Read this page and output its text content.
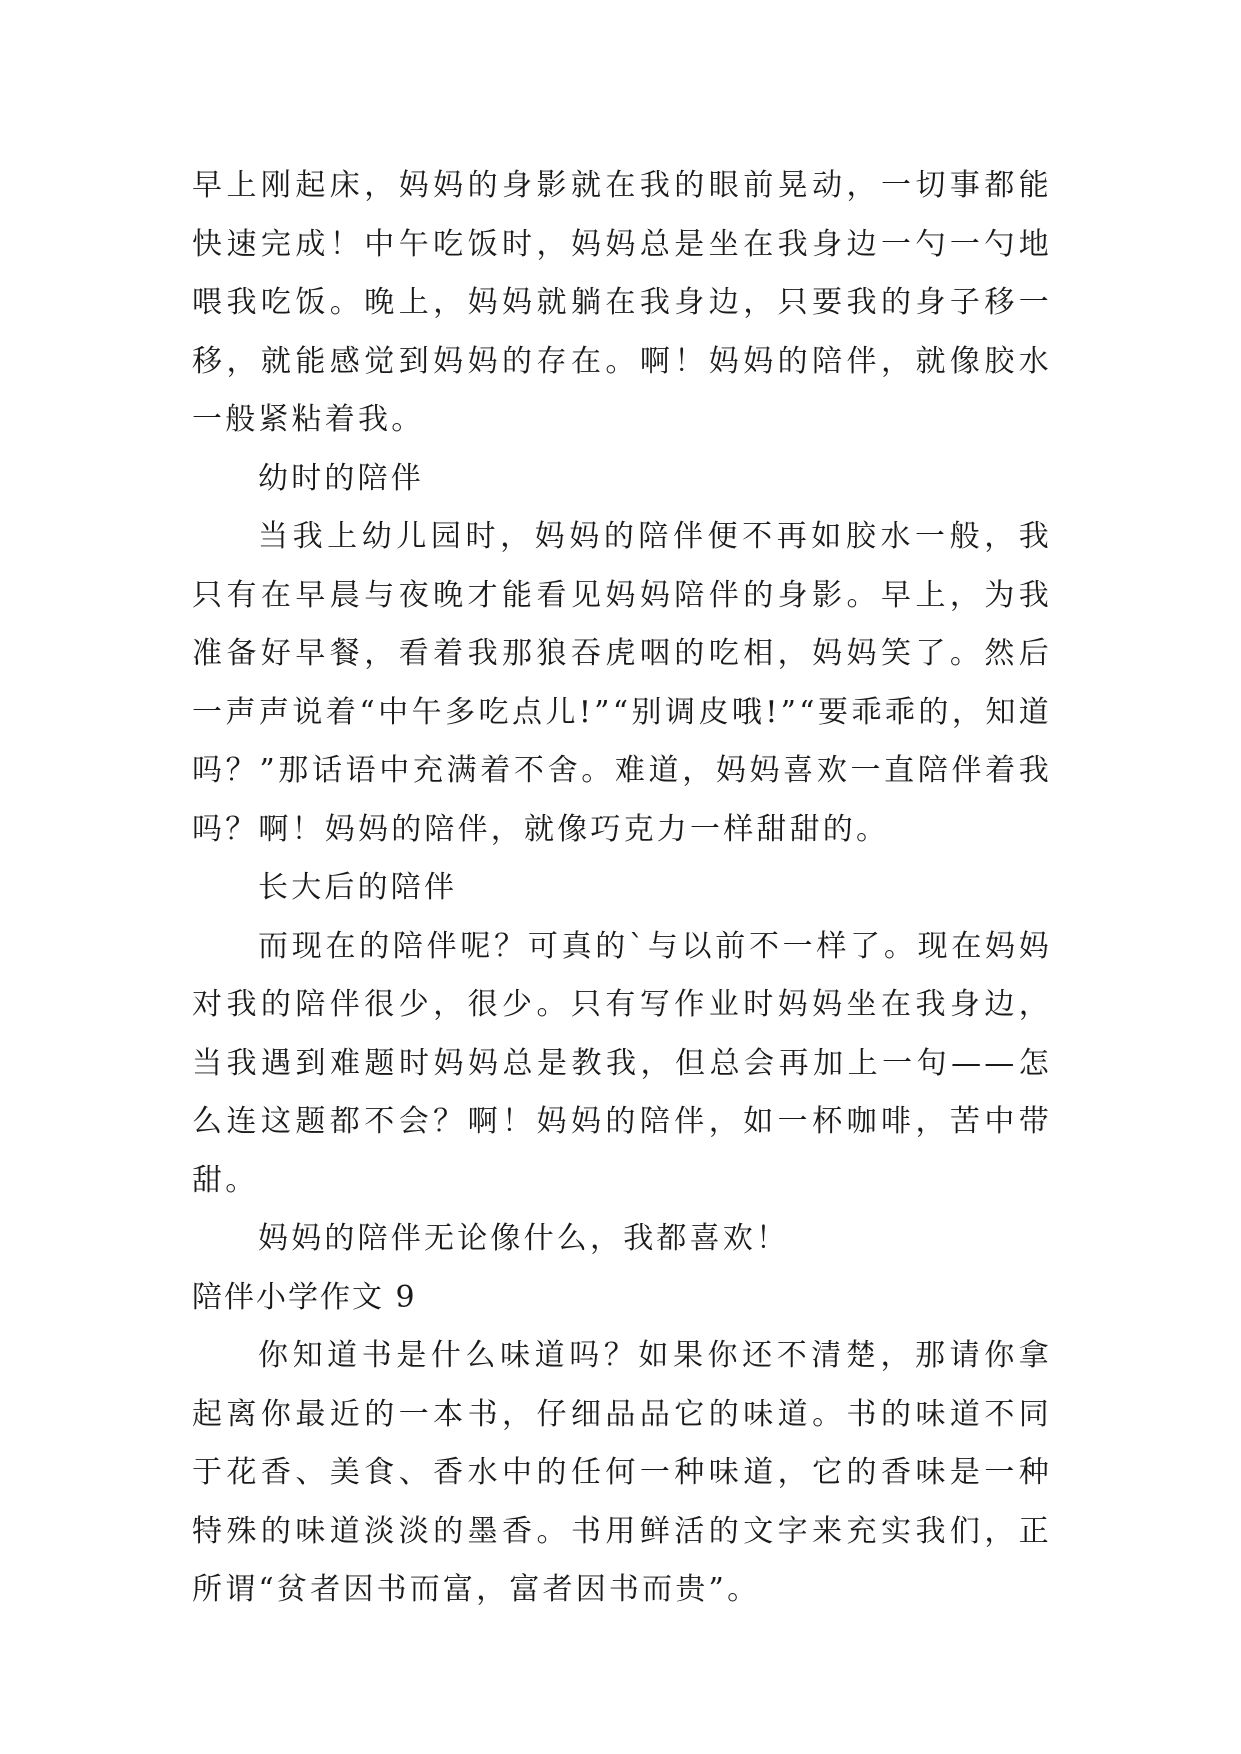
早上刚起床，妈妈的身影就在我的眼前晃动，一切事都能快速完成！中午吃饭时，妈妈总是坐在我身边一勺一勺地喂我吃饭。晚上，妈妈就躺在我身边，只要我的身子移一移，就能感觉到妈妈的存在。啊！妈妈的陪伴，就像胶水一般紧粘着我。

幼时的陪伴

当我上幼儿园时，妈妈的陪伴便不再如胶水一般，我只有在早晨与夜晚才能看见妈妈陪伴的身影。早上，为我准备好早餐，看着我那狼吞虎咽的吃相，妈妈笑了。然后一声声说着“中午多吃点儿!”“别调皮哦!”“要乖乖的，知道吗？”那话语中充满着不舍。难道，妈妈喜欢一直陪伴着我吗？啊！妈妈的陪伴，就像巧克力一样甜甜的。

长大后的陪伴

而现在的陪伴呢？可真的`与以前不一样了。现在妈妈对我的陪伴很少，很少。只有写作业时妈妈坐在我身边，当我遇到难题时妈妈总是教我，但总会再加上一句——怎么连这题都不会？啊！妈妈的陪伴，如一杯咖啡，苦中带甜。

妈妈的陪伴无论像什么，我都喜欢！

陪伴小学作文 9

你知道书是什么味道吗？如果你还不清楚，那请你拿起离你最近的一本书，仔细品品它的味道。书的味道不同于花香、美食、香水中的任何一种味道，它的香味是一种特殊的味道淡淡的墨香。书用鲜活的文字来充实我们，正所谓“贫者因书而富，富者因书而贵”。
